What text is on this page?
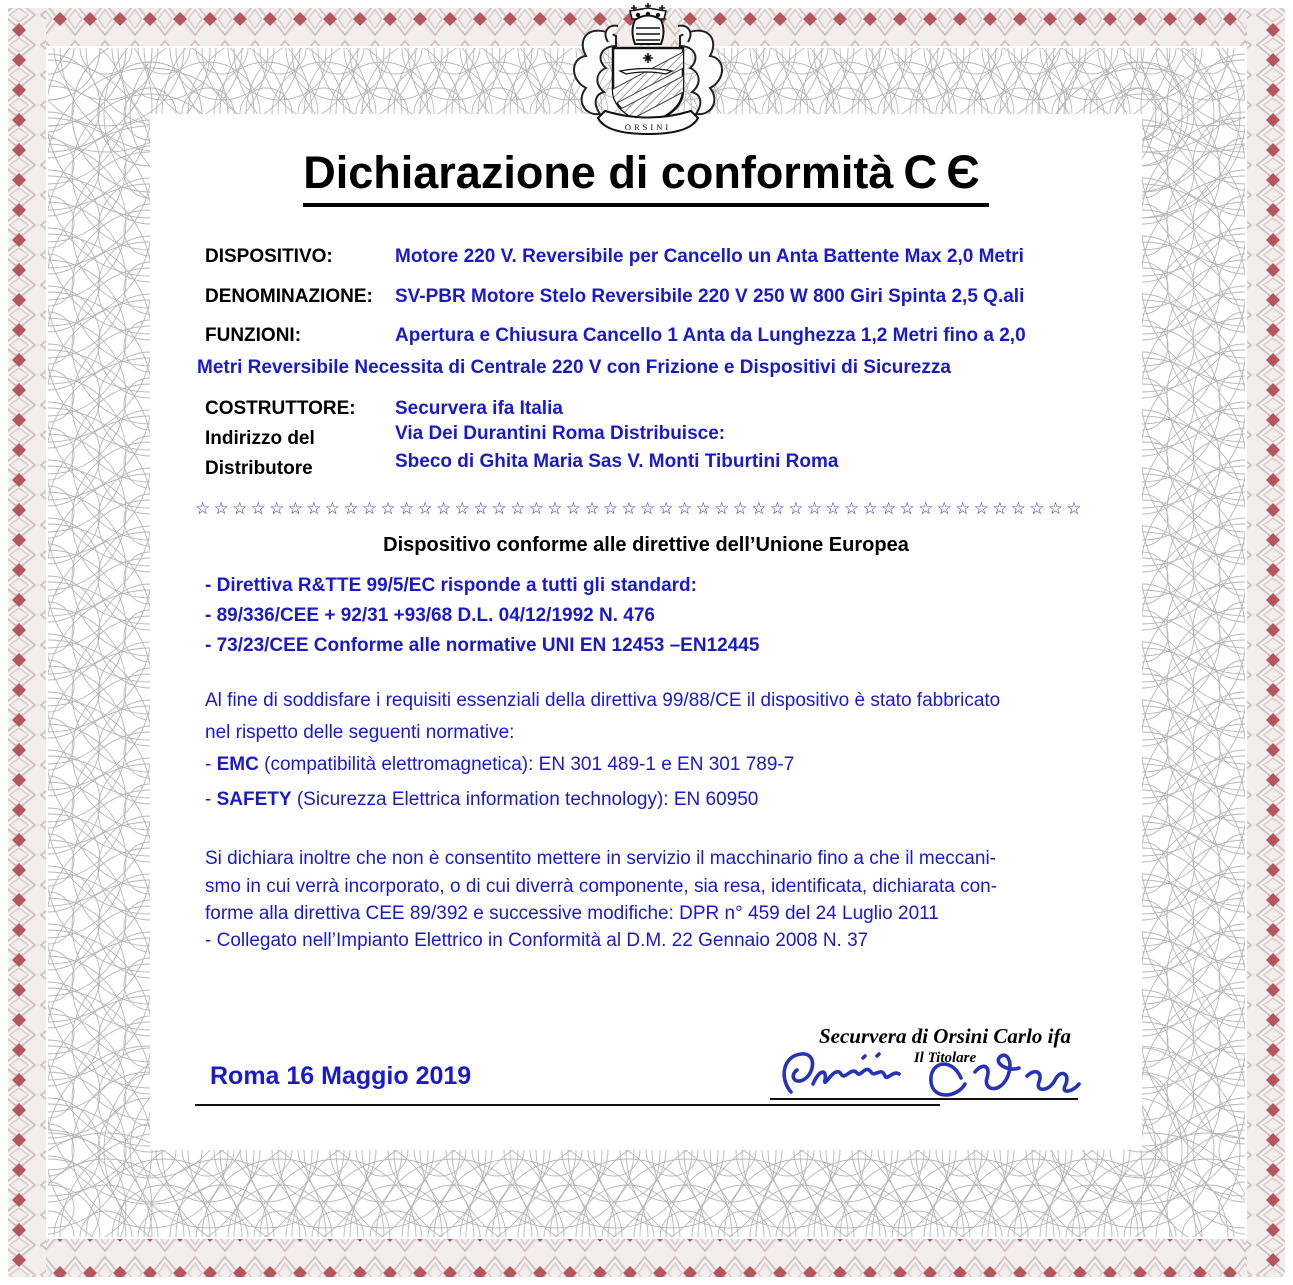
ORSINI
Dichiarazione di conformità CЄ
DISPOSITIVO:	Motore 220 V. Reversibile per Cancello un Anta Battente Max 2,0 Metri
DENOMINAZIONE: SV-PBR Motore Stelo Reversibile 220 V 250 W 800 Giri Spinta 2,5 Q.ali
FUNZIONI:	Apertura e Chiusura Cancello 1 Anta da Lunghezza 1,2 Metri fino a 2,0
Metri Reversibile Necessita di Centrale 220 V con Frizione e Dispositivi di Sicurezza
COSTRUTTORE: Securvera ifa Italia
Indirizzo del
Distributore
Via Dei Durantini Roma Distribuisce:
Sbeco di Ghita Maria Sas V. Monti Tiburtini Roma
☆☆☆☆☆☆☆☆☆☆☆☆☆☆☆☆☆☆☆☆☆☆☆☆☆☆☆☆☆☆☆☆☆☆☆☆☆☆☆☆☆☆☆☆☆☆☆☆
Dispositivo conforme alle direttive dell’Unione Europea
- Direttiva R&TTE 99/5/EC risponde a tutti gli standard:
- 89/336/CEE + 92/31 +93/68 D.L. 04/12/1992 N. 476
- 73/23/CEE Conforme alle normative UNI EN 12453 –EN12445
Al fine di soddisfare i requisiti essenziali della direttiva 99/88/CE il dispositivo è stato fabbricato
nel rispetto delle seguenti normative:
- EMC (compatibilità elettromagnetica): EN 301 489-1 e EN 301 789-7
- SAFETY (Sicurezza Elettrica information technology): EN 60950
Si dichiara inoltre che non è consentito mettere in servizio il macchinario fino a che il meccani-
smo in cui verrà incorporato, o di cui diverrà componente, sia resa, identificata, dichiarata con-
forme alla direttiva CEE 89/392 e successive modifiche: DPR n° 459 del 24 Luglio 2011
- Collegato nell’Impianto Elettrico in Conformità al D.M. 22 Gennaio 2008 N. 37
Securvera di Orsini Carlo ifa
Il Titolare
Roma 16 Maggio 2019
